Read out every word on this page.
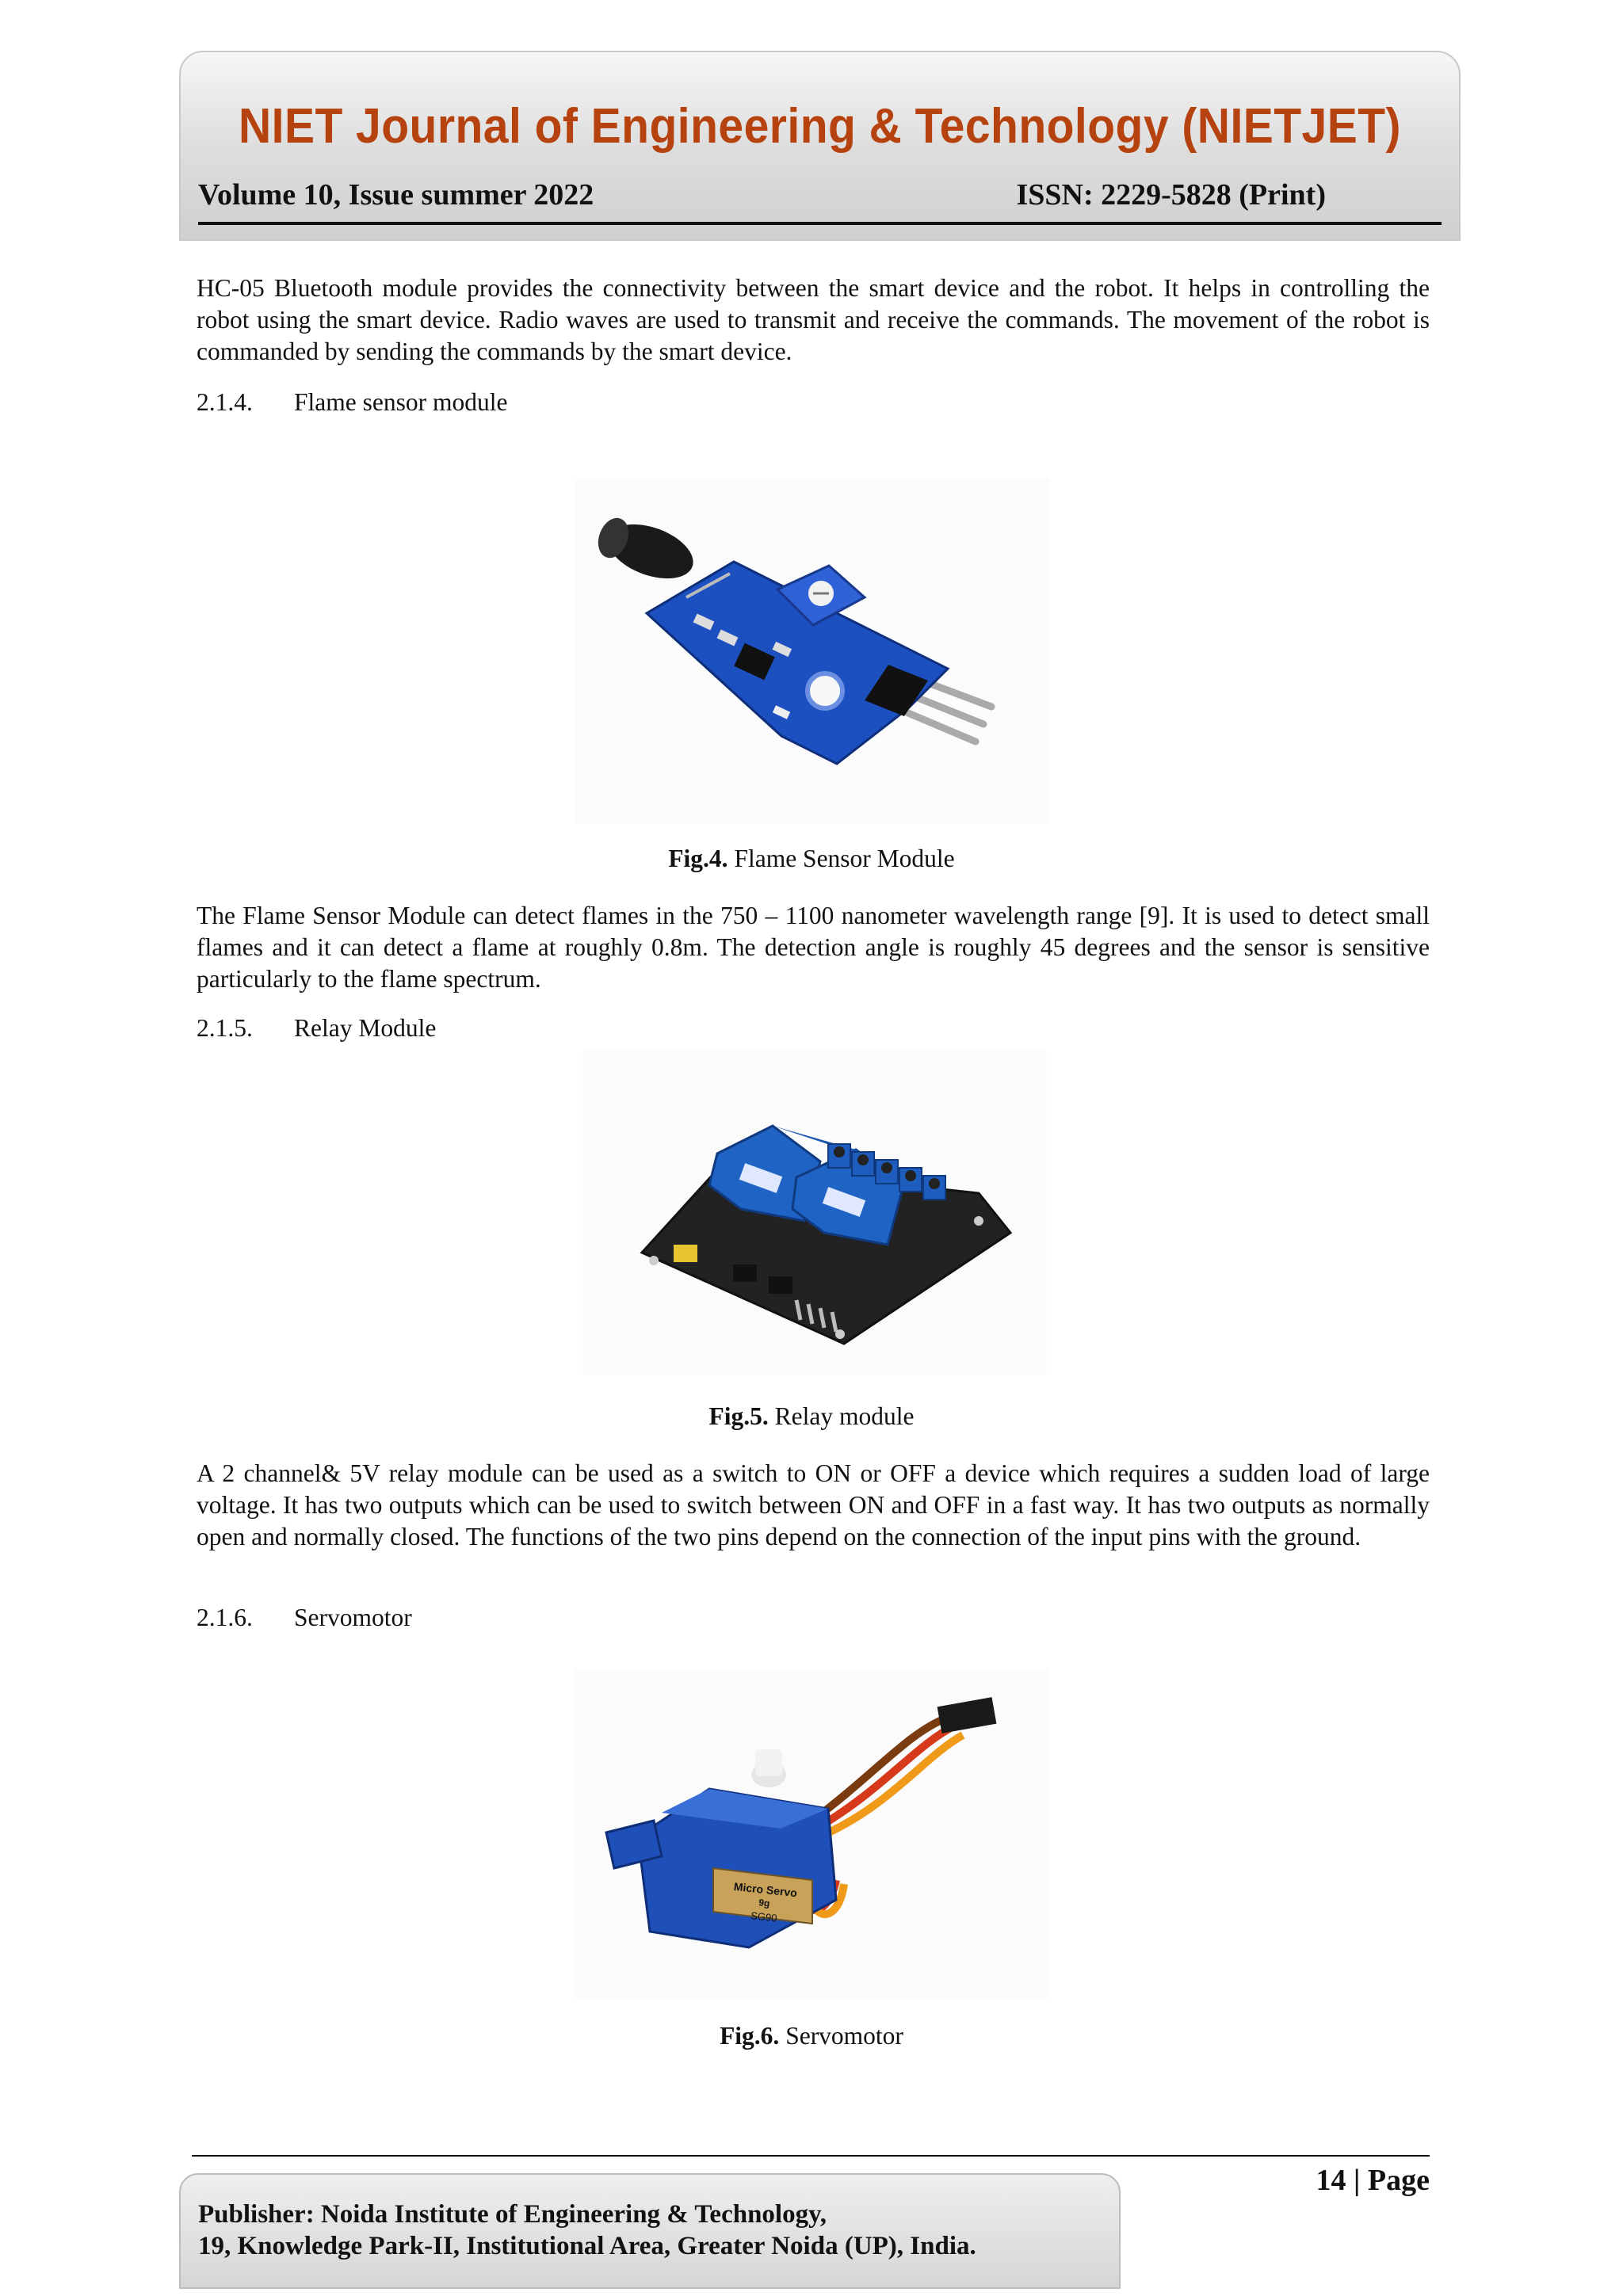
NIET Journal of Engineering & Technology (NIETJET)
Volume 10, Issue summer 2022	ISSN: 2229-5828 (Print)
HC-05 Bluetooth module provides the connectivity between the smart device and the robot. It helps in controlling the robot using the smart device. Radio waves are used to transmit and receive the commands. The movement of the robot is commanded by sending the commands by the smart device.
2.1.4. Flame sensor module
Fig.4. Flame Sensor Module
The Flame Sensor Module can detect flames in the 750 – 1100 nanometer wavelength range [9]. It is used to detect small flames and it can detect a flame at roughly 0.8m. The detection angle is roughly 45 degrees and the sensor is sensitive particularly to the flame spectrum.
2.1.5. Relay Module
Fig.5. Relay module
A 2 channel& 5V relay module can be used as a switch to ON or OFF a device which requires a sudden load of large voltage. It has two outputs which can be used to switch between ON and OFF in a fast way. It has two outputs as normally open and normally closed. The functions of the two pins depend on the connection of the input pins with the ground.
2.1.6. Servomotor
Micro Servo
9g
SG90
Fig.6. Servomotor
14 | Page
Publisher: Noida Institute of Engineering & Technology,
19, Knowledge Park-II, Institutional Area, Greater Noida (UP), India.
